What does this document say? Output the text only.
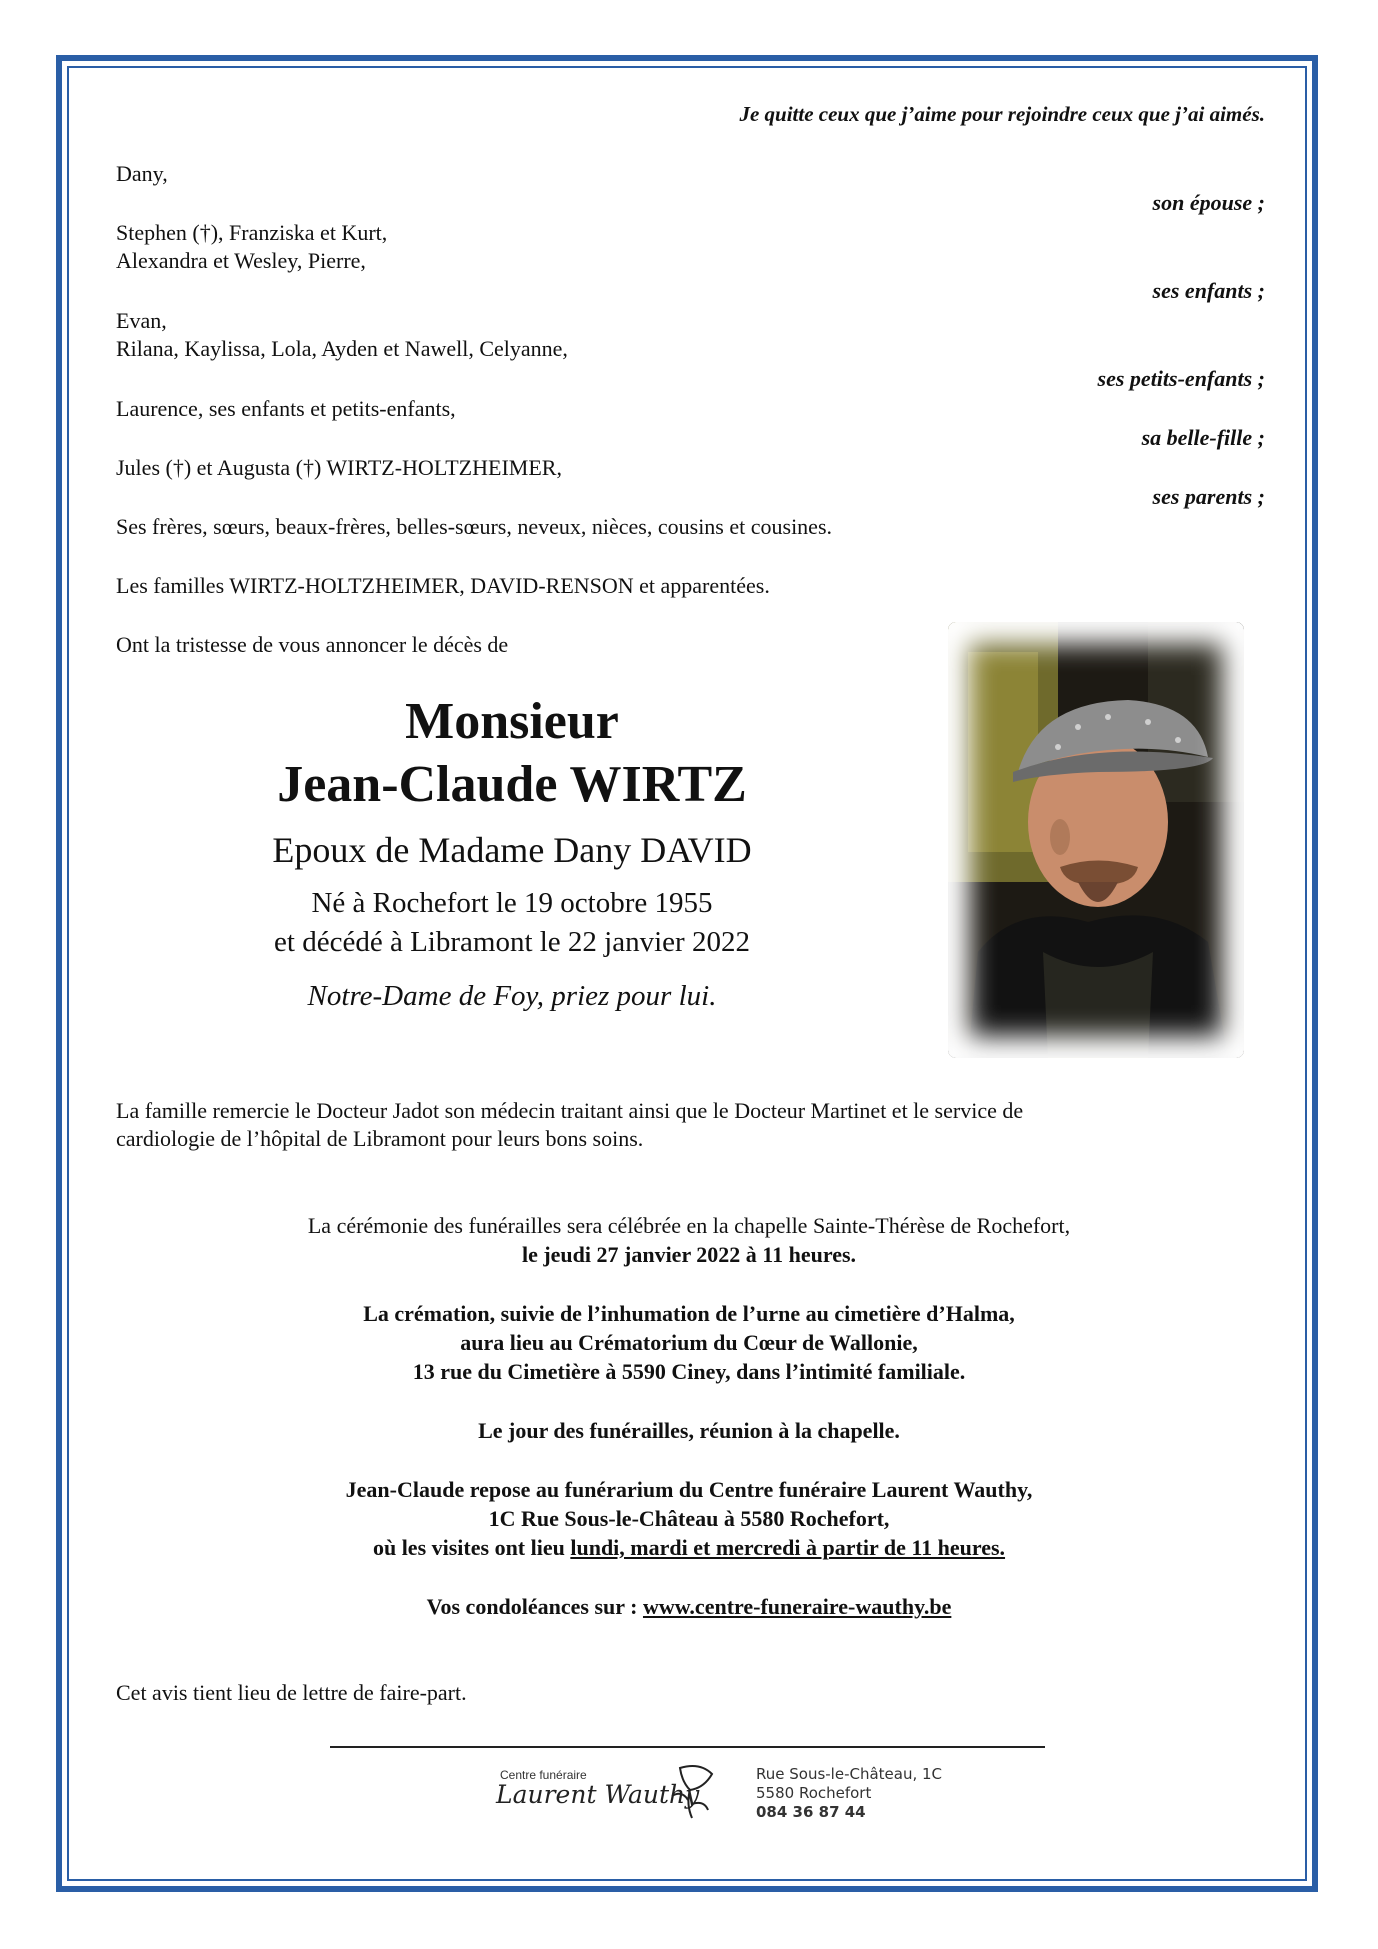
Je quitte ceux que j’aime pour rejoindre ceux que j’ai aimés.
Dany,
son épouse ;
Stephen (†), Franziska et Kurt,
Alexandra et Wesley, Pierre,
ses enfants ;
Evan,
Rilana, Kaylissa, Lola, Ayden et Nawell, Celyanne,
ses petits-enfants ;
Laurence, ses enfants et petits-enfants,
sa belle-fille ;
Jules (†) et Augusta (†) WIRTZ-HOLTZHEIMER,
ses parents ;
Ses frères, sœurs, beaux-frères, belles-sœurs, neveux, nièces, cousins et cousines.
Les familles WIRTZ-HOLTZHEIMER, DAVID-RENSON et apparentées.
Ont la tristesse de vous annoncer le décès de
Monsieur
Jean-Claude WIRTZ
Epoux de Madame Dany DAVID
Né à Rochefort le 19 octobre 1955
et décédé à Libramont le 22 janvier 2022
Notre-Dame de Foy, priez pour lui.
La famille remercie le Docteur Jadot son médecin traitant ainsi que le Docteur Martinet et le service de
cardiologie de l’hôpital de Libramont pour leurs bons soins.
La cérémonie des funérailles sera célébrée en la chapelle Sainte-Thérèse de Rochefort,
le jeudi 27 janvier 2022 à 11 heures.
La crémation, suivie de l’inhumation de l’urne au cimetière d’Halma,
aura lieu au Crématorium du Cœur de Wallonie,
13 rue du Cimetière à 5590 Ciney, dans l’intimité familiale.
Le jour des funérailles, réunion à la chapelle.
Jean-Claude repose au funérarium du Centre funéraire Laurent Wauthy,
1C Rue Sous-le-Château à 5580 Rochefort,
où les visites ont lieu lundi, mardi et mercredi à partir de 11 heures.
Vos condoléances sur : www.centre-funeraire-wauthy.be
Cet avis tient lieu de lettre de faire-part.
Centre funéraire
Laurent Wauthy
Rue Sous-le-Château, 1C
5580 Rochefort
084 36 87 44
